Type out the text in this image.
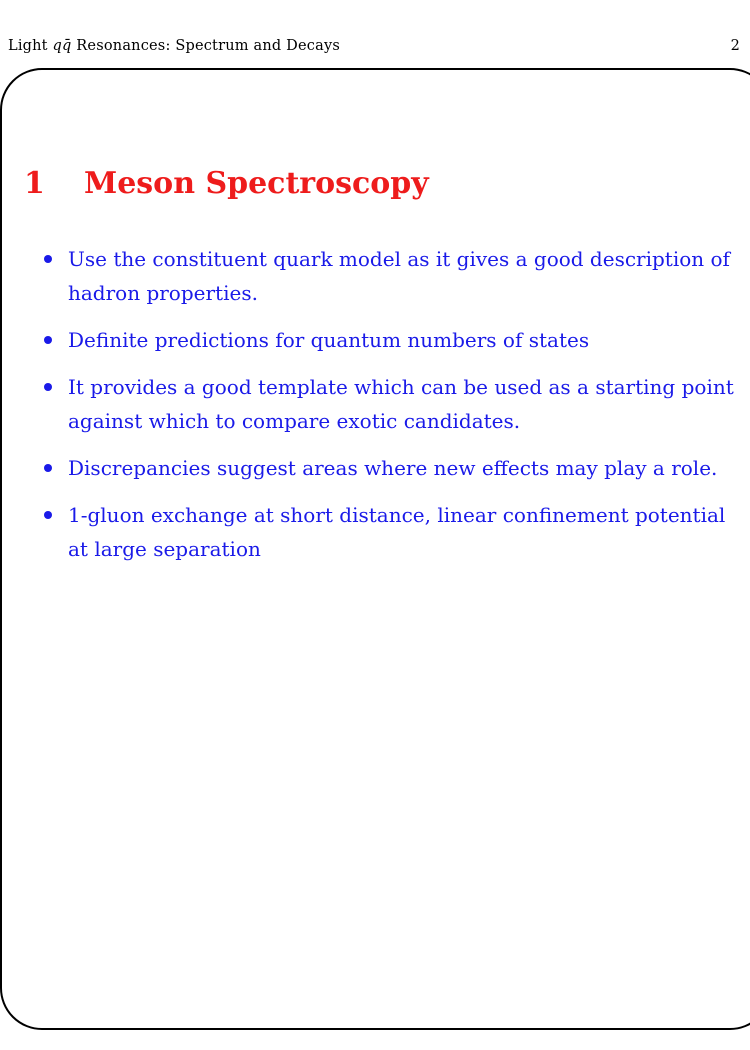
Light qq̄ Resonances: Spectrum and Decays	2
1 Meson Spectroscopy
Use the constituent quark model as it gives a good description of hadron properties.
Definite predictions for quantum numbers of states
It provides a good template which can be used as a starting point against which to compare exotic candidates.
Discrepancies suggest areas where new effects may play a role.
1-gluon exchange at short distance, linear confinement potential at large separation
